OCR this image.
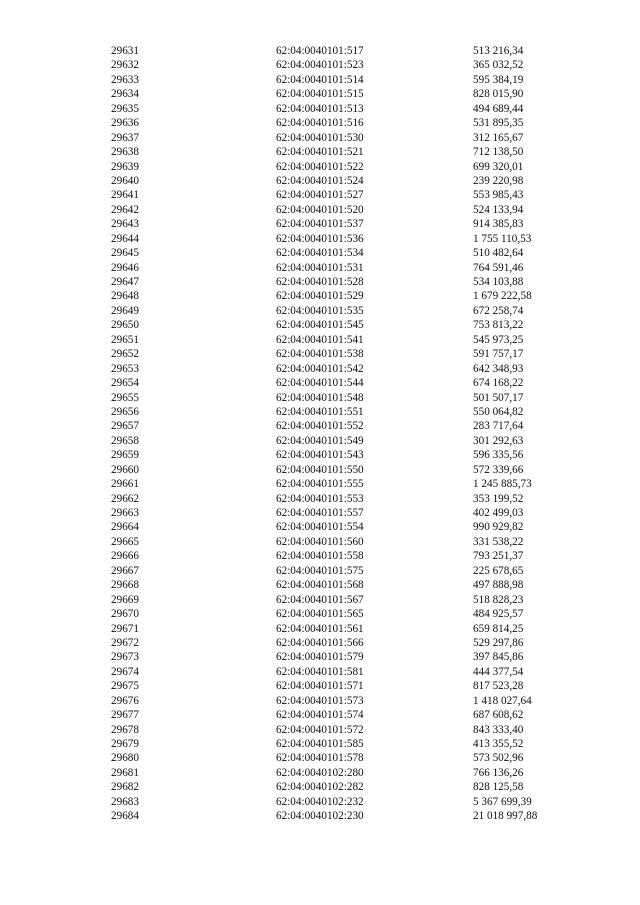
29631	62:04:0040101:517	513 216,34
29632	62:04:0040101:523	365 032,52
29633	62:04:0040101:514	595 384,19
29634	62:04:0040101:515	828 015,90
29635	62:04:0040101:513	494 689,44
29636	62:04:0040101:516	531 895,35
29637	62:04:0040101:530	312 165,67
29638	62:04:0040101:521	712 138,50
29639	62:04:0040101:522	699 320,01
29640	62:04:0040101:524	239 220,98
29641	62:04:0040101:527	553 985,43
29642	62:04:0040101:520	524 133,94
29643	62:04:0040101:537	914 385,83
29644	62:04:0040101:536	1 755 110,53
29645	62:04:0040101:534	510 482,64
29646	62:04:0040101:531	764 591,46
29647	62:04:0040101:528	534 103,88
29648	62:04:0040101:529	1 679 222,58
29649	62:04:0040101:535	672 258,74
29650	62:04:0040101:545	753 813,22
29651	62:04:0040101:541	545 973,25
29652	62:04:0040101:538	591 757,17
29653	62:04:0040101:542	642 348,93
29654	62:04:0040101:544	674 168,22
29655	62:04:0040101:548	501 507,17
29656	62:04:0040101:551	550 064,82
29657	62:04:0040101:552	283 717,64
29658	62:04:0040101:549	301 292,63
29659	62:04:0040101:543	596 335,56
29660	62:04:0040101:550	572 339,66
29661	62:04:0040101:555	1 245 885,73
29662	62:04:0040101:553	353 199,52
29663	62:04:0040101:557	402 499,03
29664	62:04:0040101:554	990 929,82
29665	62:04:0040101:560	331 538,22
29666	62:04:0040101:558	793 251,37
29667	62:04:0040101:575	225 678,65
29668	62:04:0040101:568	497 888,98
29669	62:04:0040101:567	518 828,23
29670	62:04:0040101:565	484 925,57
29671	62:04:0040101:561	659 814,25
29672	62:04:0040101:566	529 297,86
29673	62:04:0040101:579	397 845,86
29674	62:04:0040101:581	444 377,54
29675	62:04:0040101:571	817 523,28
29676	62:04:0040101:573	1 418 027,64
29677	62:04:0040101:574	687 608,62
29678	62:04:0040101:572	843 333,40
29679	62:04:0040101:585	413 355,52
29680	62:04:0040101:578	573 502,96
29681	62:04:0040102:280	766 136,26
29682	62:04:0040102:282	828 125,58
29683	62:04:0040102:232	5 367 699,39
29684	62:04:0040102:230	21 018 997,88
